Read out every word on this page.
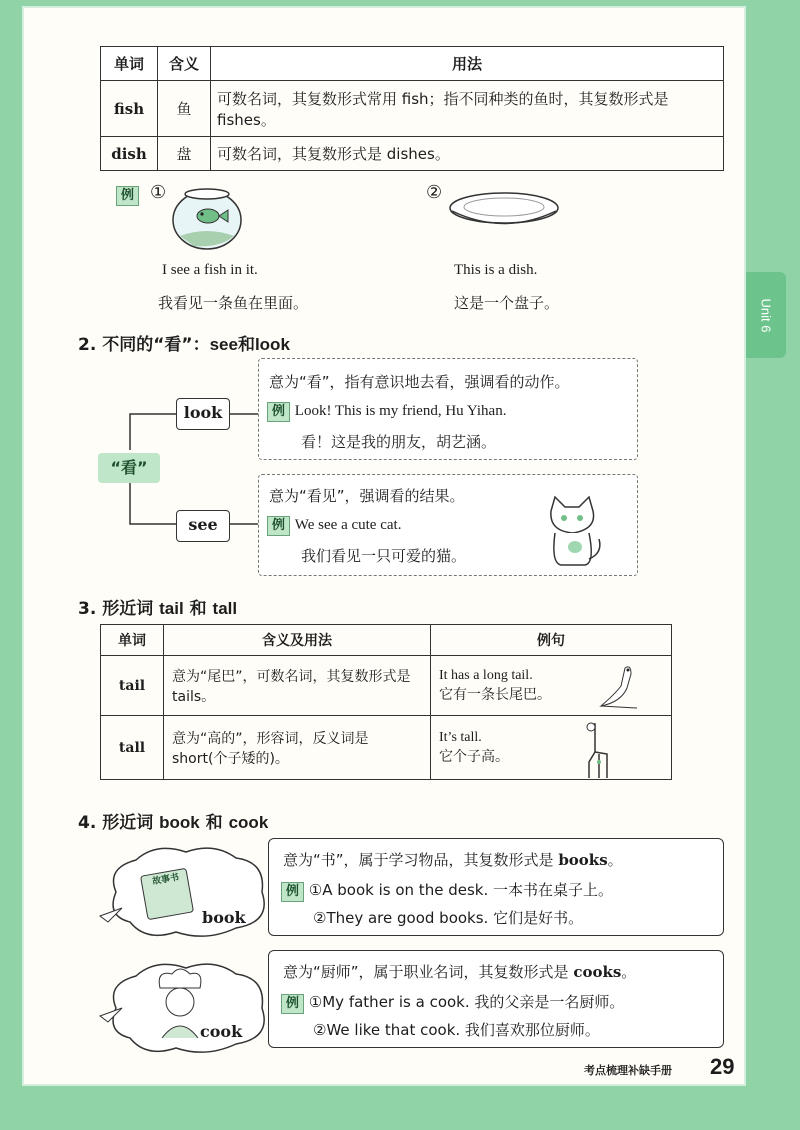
Unit 6
单词	含义	用法
fish	鱼	可数名词，其复数形式常用 fish；指不同种类的鱼时，其复数形式是 fishes。
dish	盘	可数名词，其复数形式是 dishes。
例 ①	②
I see a fish in it.
我看见一条鱼在里面。
This is a dish.
这是一个盘子。
2. 不同的“看”：see和look
“看”
look
see
意为“看”，指有意识地去看，强调看的动作。
例 Look! This is my friend, Hu Yihan.
看！这是我的朋友，胡艺涵。
意为“看见”，强调看的结果。
例 We see a cute cat.
我们看见一只可爱的猫。
3. 形近词 tail 和 tall
单词	含义及用法	例句
tail	意为“尾巴”，可数名词，其复数形式是 tails。	It has a long tail.
它有一条长尾巴。

tall	意为“高的”，形容词，反义词是 short(个子矮的)。	It’s tall.
它个子高。
4. 形近词 book 和 cook
故事书
book
意为“书”，属于学习物品，其复数形式是 books。
例 ①A book is on the desk. 一本书在桌子上。
②They are good books. 它们是好书。
cook
意为“厨师”，属于职业名词，其复数形式是 cooks。
例 ①My father is a cook. 我的父亲是一名厨师。
②We like that cook. 我们喜欢那位厨师。
考点梳理补缺手册 29
